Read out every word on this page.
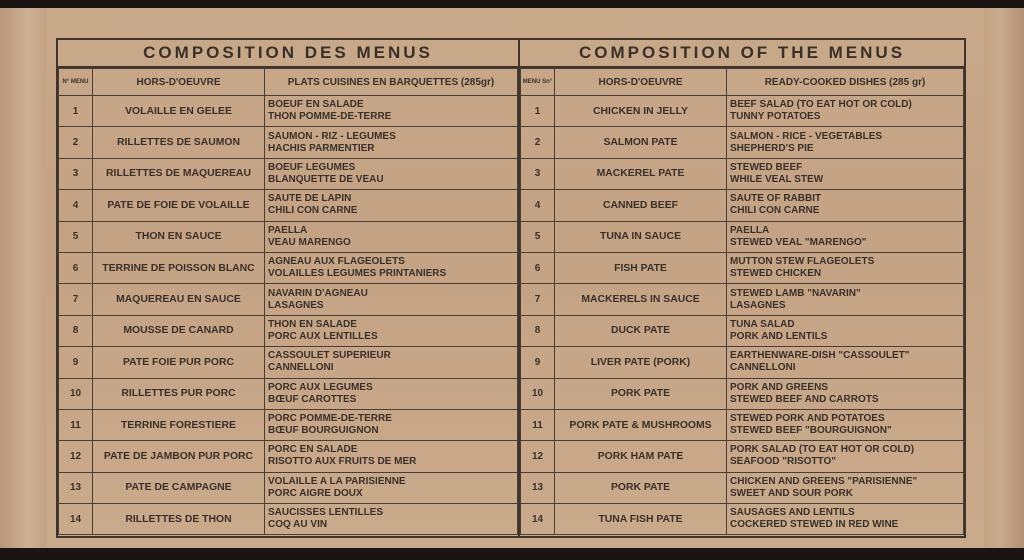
COMPOSITION DES MENUS
N° MENU	HORS-D'OEUVRE	PLATS CUISINES EN BARQUETTES (285gr)
1	VOLAILLE EN GELEE	BOEUF EN SALADE
THON POMME-DE-TERRE

2	RILLETTES DE SAUMON	SAUMON - RIZ - LEGUMES
HACHIS PARMENTIER

3	RILLETTES DE MAQUEREAU	BOEUF LEGUMES
BLANQUETTE DE VEAU

4	PATE DE FOIE DE VOLAILLE	SAUTE DE LAPIN
CHILI CON CARNE

5	THON EN SAUCE	PAELLA
VEAU MARENGO

6	TERRINE DE POISSON BLANC	AGNEAU AUX FLAGEOLETS
VOLAILLES LEGUMES PRINTANIERS

7	MAQUEREAU EN SAUCE	NAVARIN D'AGNEAU
LASAGNES

8	MOUSSE DE CANARD	THON EN SALADE
PORC AUX LENTILLES

9	PATE FOIE PUR PORC	CASSOULET SUPERIEUR
CANNELLONI

10	RILLETTES PUR PORC	PORC AUX LEGUMES
BŒUF CAROTTES

11	TERRINE FORESTIERE	PORC POMME-DE-TERRE
BŒUF BOURGUIGNON

12	PATE DE JAMBON PUR PORC	PORC EN SALADE
RISOTTO AUX FRUITS DE MER

13	PATE DE CAMPAGNE	VOLAILLE A LA PARISIENNE
PORC AIGRE DOUX

14	RILLETTES DE THON	SAUCISSES LENTILLES
COQ AU VIN
COMPOSITION OF THE MENUS
MENU Sn°	HORS-D'OEUVRE	READY-COOKED DISHES (285 gr)
1	CHICKEN IN JELLY	BEEF SALAD (TO EAT HOT OR COLD)
TUNNY POTATOES

2	SALMON PATE	SALMON - RICE - VEGETABLES
SHEPHERD'S PIE

3	MACKEREL PATE	STEWED BEEF
WHILE VEAL STEW

4	CANNED BEEF	SAUTE OF RABBIT
CHILI CON CARNE

5	TUNA IN SAUCE	PAELLA
STEWED VEAL "MARENGO"

6	FISH PATE	MUTTON STEW FLAGEOLETS
STEWED CHICKEN

7	MACKERELS IN SAUCE	STEWED LAMB "NAVARIN"
LASAGNES

8	DUCK PATE	TUNA SALAD
PORK AND LENTILS

9	LIVER PATE (PORK)	EARTHENWARE-DISH "CASSOULET"
CANNELLONI

10	PORK PATE	PORK AND GREENS
STEWED BEEF AND CARROTS

11	PORK PATE & MUSHROOMS	STEWED PORK AND POTATOES
STEWED BEEF "BOURGUIGNON"

12	PORK HAM PATE	PORK SALAD (TO EAT HOT OR COLD)
SEAFOOD "RISOTTO"

13	PORK PATE	CHICKEN AND GREENS "PARISIENNE"
SWEET AND SOUR PORK

14	TUNA FISH PATE	SAUSAGES AND LENTILS
COCKERED STEWED IN RED WINE
